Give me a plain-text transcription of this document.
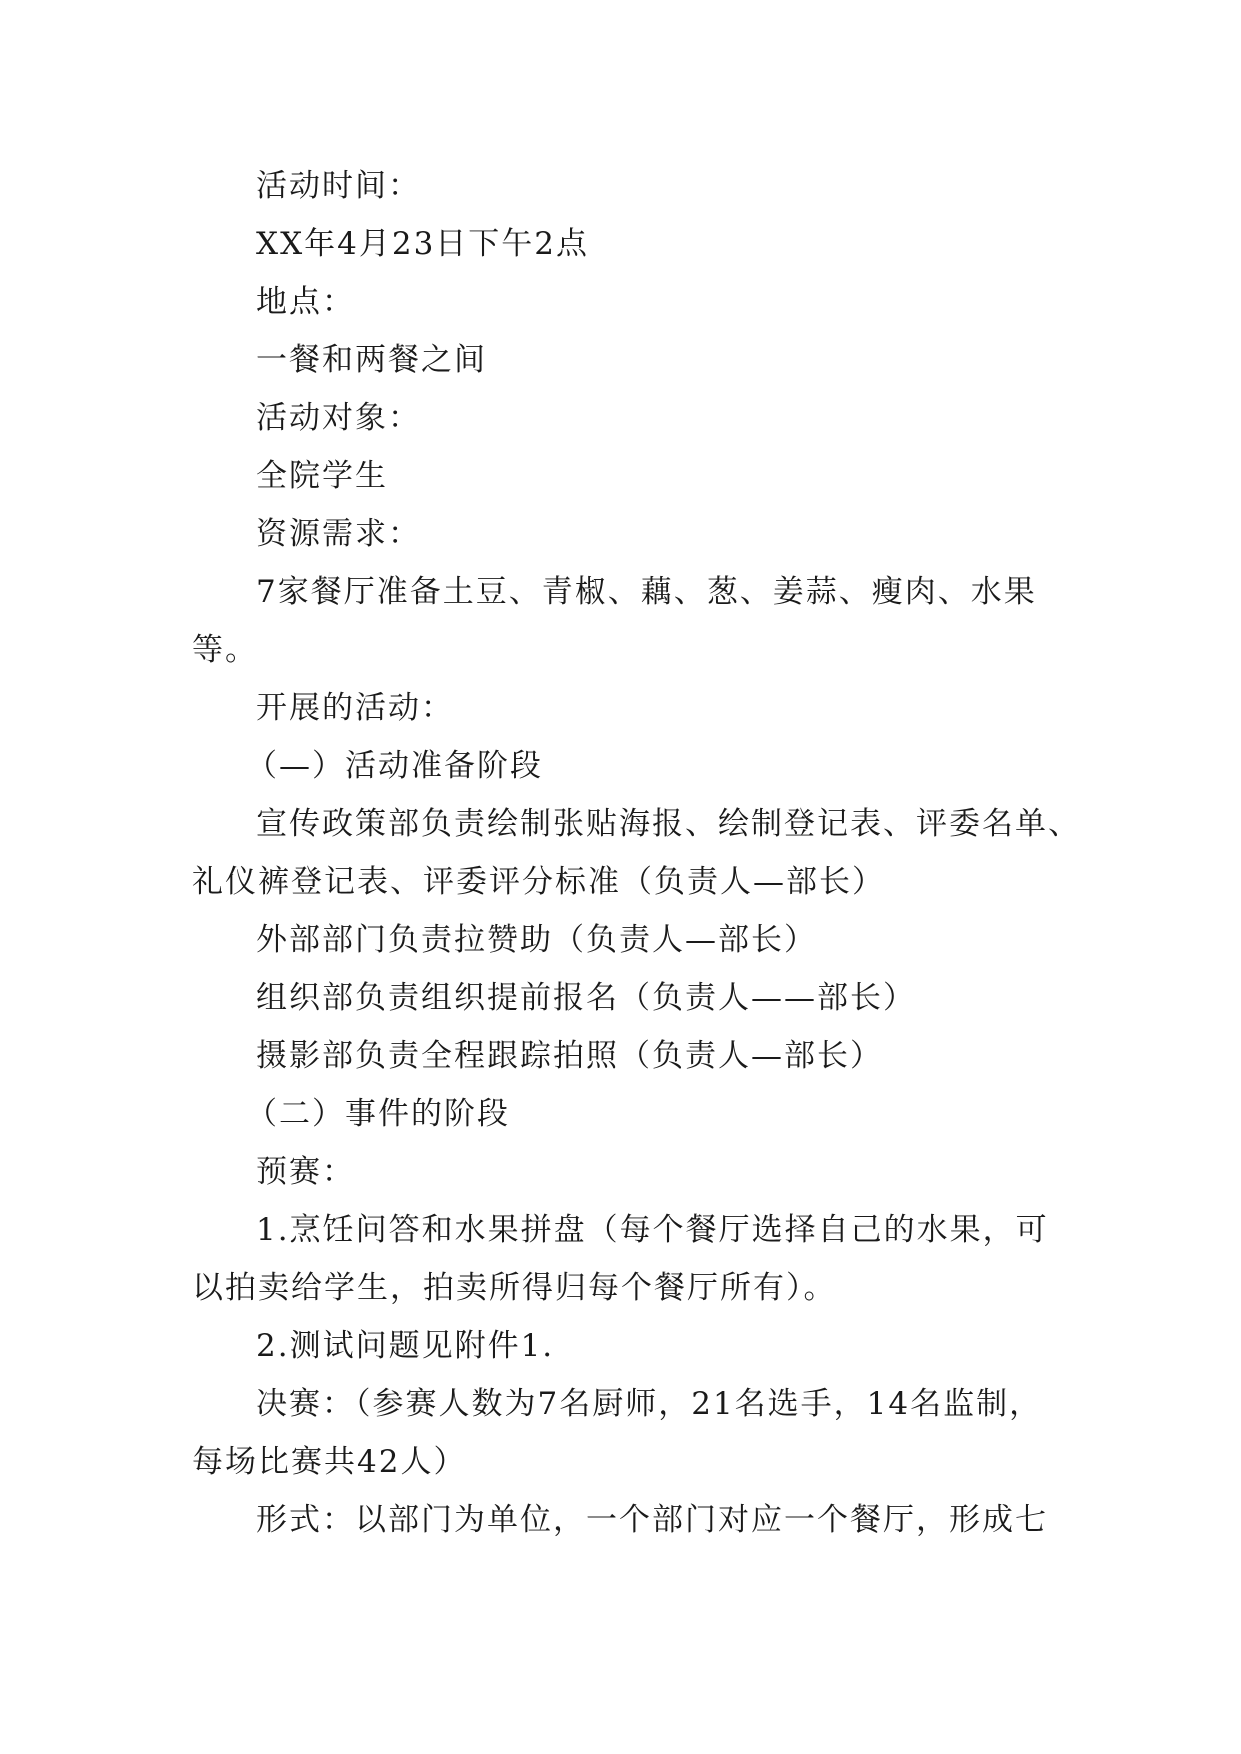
活动时间：
XX年4月23日下午2点
地点：
一餐和两餐之间
活动对象：
全院学生
资源需求：
7家餐厅准备土豆、青椒、藕、葱、姜蒜、瘦肉、水果
等。
开展的活动：
（—）活动准备阶段
宣传政策部负责绘制张贴海报、绘制登记表、评委名单、
礼仪裤登记表、评委评分标准（负责人—部长）
外部部门负责拉赞助（负责人—部长）
组织部负责组织提前报名（负责人——部长）
摄影部负责全程跟踪拍照（负责人—部长）
（二）事件的阶段
预赛：
1.烹饪问答和水果拼盘（每个餐厅选择自己的水果，可
以拍卖给学生，拍卖所得归每个餐厅所有）。
2.测试问题见附件1.
决赛：（参赛人数为7名厨师，21名选手，14名监制，
每场比赛共42人）
形式：以部门为单位，一个部门对应一个餐厅，形成七
